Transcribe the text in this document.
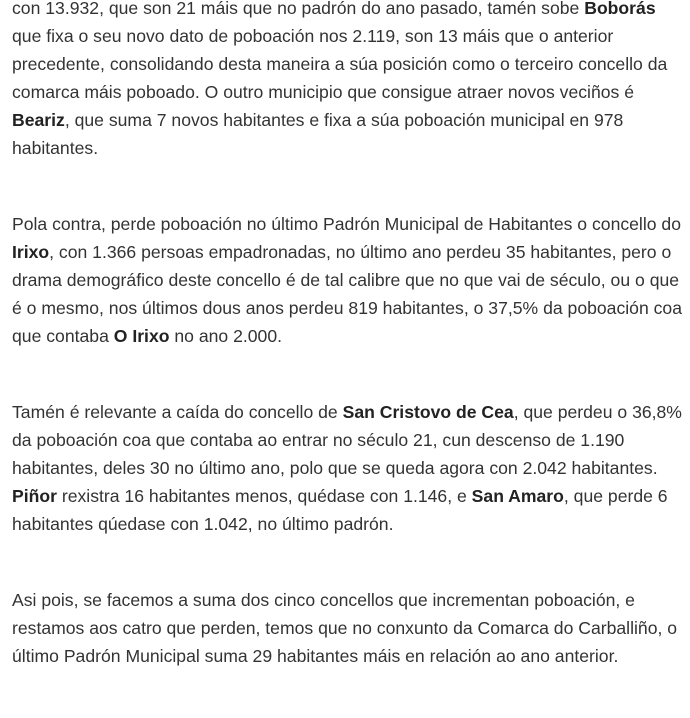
con 13.932, que son 21 máis que no padrón do ano pasado, tamén sobe Boborás que fixa o seu novo dato de poboación nos 2.119, son 13 máis que o anterior precedente, consolidando desta maneira a súa posición como o terceiro concello da comarca máis poboado. O outro municipio que consigue atraer novos veciños é Beariz, que suma 7 novos habitantes e fixa a súa poboación municipal en 978 habitantes.

Pola contra, perde poboación no último Padrón Municipal de Habitantes o concello do Irixo, con 1.366 persoas empadronadas, no último ano perdeu 35 habitantes, pero o drama demográfico deste concello é de tal calibre que no que vai de século, ou o que é o mesmo, nos últimos dous anos perdeu 819 habitantes, o 37,5% da poboación coa que contaba O Irixo no ano 2.000.

Tamén é relevante a caída do concello de San Cristovo de Cea, que perdeu o 36,8% da poboación coa que contaba ao entrar no século 21, cun descenso de 1.190 habitantes, deles 30 no último ano, polo que se queda agora con 2.042 habitantes. Piñor rexistra 16 habitantes menos, quédase con 1.146, e San Amaro, que perde 6 habitantes qúedase con 1.042, no último padrón.

Asi pois, se facemos a suma dos cinco concellos que incrementan poboación, e restamos aos catro que perden, temos que no conxunto da Comarca do Carballiño, o último Padrón Municipal suma 29 habitantes máis en relación ao ano anterior.
